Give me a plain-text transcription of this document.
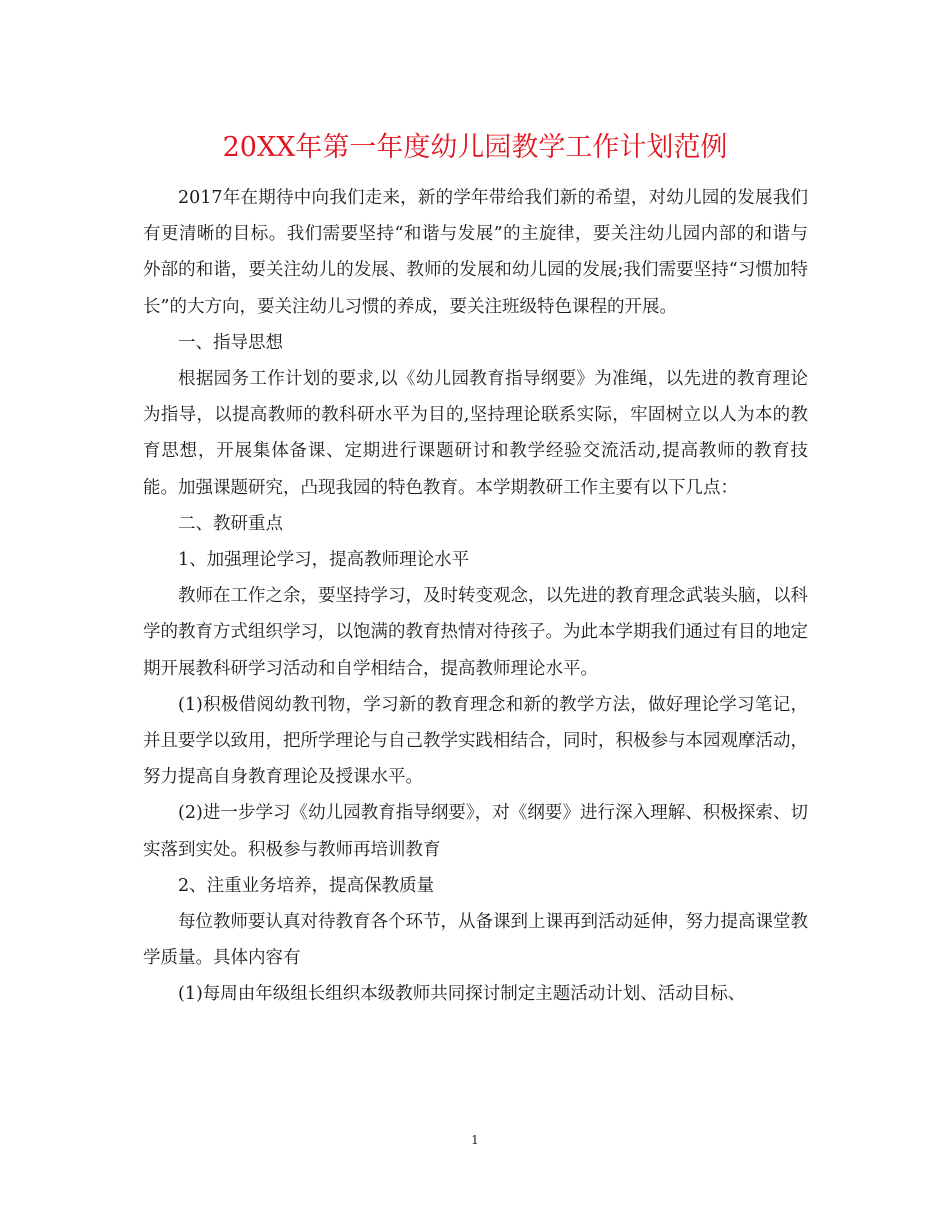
20XX年第一年度幼儿园教学工作计划范例

2017年在期待中向我们走来，新的学年带给我们新的希望，对幼儿园的发展我们有更清晰的目标。我们需要坚持“和谐与发展”的主旋律，要关注幼儿园内部的和谐与外部的和谐，要关注幼儿的发展、教师的发展和幼儿园的发展;我们需要坚持“习惯加特长”的大方向，要关注幼儿习惯的养成，要关注班级特色课程的开展。

一、指导思想

根据园务工作计划的要求,以《幼儿园教育指导纲要》为准绳，以先进的教育理论为指导，以提高教师的教科研水平为目的,坚持理论联系实际，牢固树立以人为本的教育思想，开展集体备课、定期进行课题研讨和教学经验交流活动,提高教师的教育技能。加强课题研究，凸现我园的特色教育。本学期教研工作主要有以下几点：

二、教研重点

1、加强理论学习，提高教师理论水平

教师在工作之余，要坚持学习，及时转变观念，以先进的教育理念武装头脑，以科学的教育方式组织学习，以饱满的教育热情对待孩子。为此本学期我们通过有目的地定期开展教科研学习活动和自学相结合，提高教师理论水平。

(1)积极借阅幼教刊物，学习新的教育理念和新的教学方法，做好理论学习笔记，并且要学以致用，把所学理论与自己教学实践相结合，同时，积极参与本园观摩活动，努力提高自身教育理论及授课水平。

(2)进一步学习《幼儿园教育指导纲要》，对《纲要》进行深入理解、积极探索、切实落到实处。积极参与教师再培训教育

2、注重业务培养，提高保教质量

每位教师要认真对待教育各个环节，从备课到上课再到活动延伸，努力提高课堂教学质量。具体内容有

(1)每周由年级组长组织本级教师共同探讨制定主题活动计划、活动目标、

1
